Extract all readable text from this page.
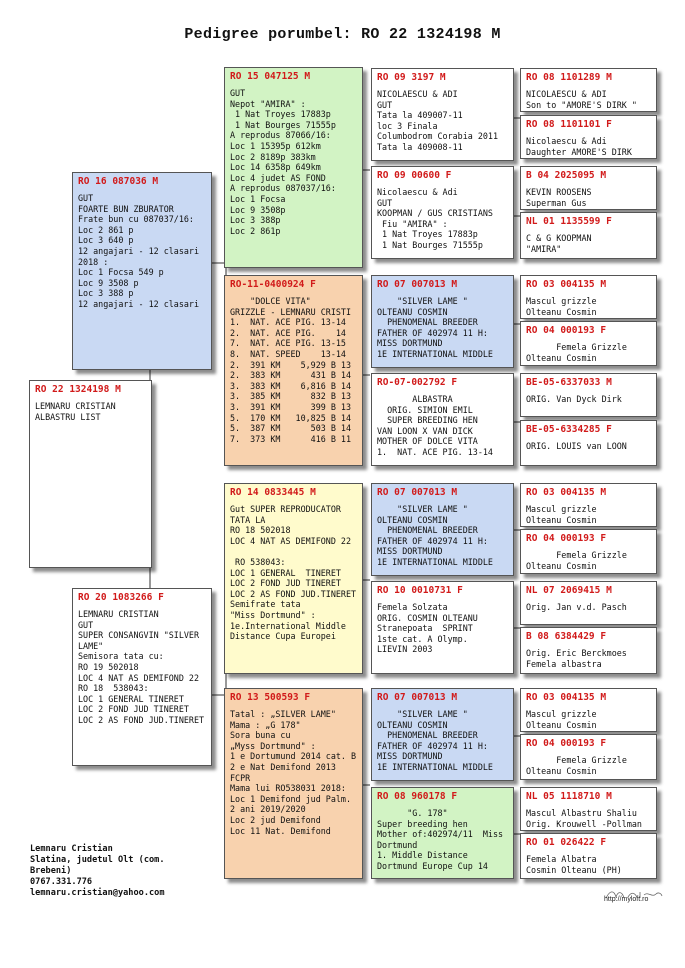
Pedigree porumbel: RO 22 1324198 M
RO 22 1324198 M
LEMNARU CRISTIAN
ALBASTRU LIST
RO 16 087036 M
GUT
FOARTE BUN ZBURATOR
Frate bun cu 087037/16:
Loc 2 861 p
Loc 3 640 p
12 angajari - 12 clasari
2018 :
Loc 1 Focsa 549 p
Loc 9 3508 p
Loc 3 388 p
12 angajari - 12 clasari
RO 20 1083266 F
LEMNARU CRISTIAN
GUT
SUPER CONSANGVIN "SILVER LAME"
Semisora tata cu:
RO 19 502018
LOC 4 NAT AS DEMIFOND 22
RO 18  538043:
LOC 1 GENERAL TINERET
LOC 2 FOND JUD TINERET
LOC 2 AS FOND JUD.TINERET
RO 15 047125 M
GUT
Nepot "AMIRA" :
1 Nat Troyes 17883p
1 Nat Bourges 71555p
A reprodus 87066/16:
Loc 1 15395p 612km
Loc 2 8189p 383km
Loc 14 6358p 649km
Loc 4 judet AS FOND
A reprodus 087037/16:
Loc 1 Focsa
Loc 9 3508p
Loc 3 388p
Loc 2 861p
RO-11-0400924 F
"DOLCE VITA"
GRIZZLE - LEMNARU CRISTI
1.  NAT. ACE PIG. 13-14
2.  NAT. ACE PIG.    14
7.  NAT. ACE PIG. 13-15
8.  NAT. SPEED    13-14
2.  391 KM    5,929 B 13
2.  383 KM      431 B 14
3.  383 KM    6,816 B 14
3.  385 KM      832 B 13
3.  391 KM      399 B 13
5.  170 KM   10,825 B 14
5.  387 KM      503 B 14
7.  373 KM      416 B 11
RO 14 0833445 M
Gut SUPER REPRODUCATOR
TATA LA
RO 18 502018
LOC 4 NAT AS DEMIFOND 22

RO 538043:
LOC 1 GENERAL  TINERET
LOC 2 FOND JUD TINERET
LOC 2 AS FOND JUD.TINERET
Semifrate tata
"Miss Dortmund" :
1e.International Middle
Distance Cupa Europei
RO 13 500593 F
Tatal : „SILVER LAME"
Mama : „G 178"
Sora buna cu
„Myss Dortmund" :
1 e Dortumund 2014 cat. B
2 e Nat Demifond 2013 FCPR
Mama lui RO538031 2018:
Loc 1 Demifond jud Palm.
2 ani 2019/2020
Loc 2 jud Demifond
Loc 11 Nat. Demifond
RO 09 3197 M
NICOLAESCU & ADI
GUT
Tata la 409007-11
loc 3 Finala
Columbodrom Corabia 2011
Tata la 409008-11
RO 09 00600 F
Nicolaescu & Adi
GUT
KOOPMAN / GUS CRISTIANS
Fiu "AMIRA" :
1 Nat Troyes 17883p
1 Nat Bourges 71555p
RO 07 007013 M
"SILVER LAME "
OLTEANU COSMIN
PHENOMENAL BREEDER
FATHER OF 402974 11 H:
MISS DORTMUND
1E INTERNATIONAL MIDDLE
RO-07-002792 F
ALBASTRA
ORIG. SIMION EMIL
SUPER BREEDING HEN
VAN LOON X VAN DICK
MOTHER OF DOLCE VITA
1.  NAT. ACE PIG. 13-14
RO 07 007013 M
"SILVER LAME "
OLTEANU COSMIN
PHENOMENAL BREEDER
FATHER OF 402974 11 H:
MISS DORTMUND
1E INTERNATIONAL MIDDLE
RO 10 0010731 F
Femela Solzata
ORIG. COSMIN OLTEANU
Stranepoata  SPRINT
1ste cat. A Olymp.
LIEVIN 2003
RO 07 007013 M
"SILVER LAME "
OLTEANU COSMIN
PHENOMENAL BREEDER
FATHER OF 402974 11 H:
MISS DORTMUND
1E INTERNATIONAL MIDDLE
RO 08 960178 F
"G. 178"
Super breeding hen
Mother of:402974/11  Miss Dortmund
1. Middle Distance
Dortmund Europe Cup 14
RO 08 1101289 M
NICOLAESCU & ADI
Son to "AMORE'S DIRK "
RO 08 1101101 F
Nicolaescu & Adi
Daughter AMORE'S DIRK
B 04 2025095 M
KEVIN ROOSENS
Superman Gus
NL 01 1135599 F
C & G KOOPMAN
"AMIRA"
RO 03 004135 M
Mascul grizzle
Olteanu Cosmin
RO 04 000193 F
Femela Grizzle
Olteanu Cosmin
BE-05-6337033 M
ORIG. Van Dyck Dirk
BE-05-6334285 F
ORIG. LOUIS van LOON
RO 03 004135 M
Mascul grizzle
Olteanu Cosmin
RO 04 000193 F
Femela Grizzle
Olteanu Cosmin
NL 07 2069415 M
Orig. Jan v.d. Pasch
B 08 6384429 F
Orig. Eric Berckmoes
Femela albastra
RO 03 004135 M
Mascul grizzle
Olteanu Cosmin
RO 04 000193 F
Femela Grizzle
Olteanu Cosmin
NL 05 1118710 M
Mascul Albastru Shaliu
Orig. Krouwell -Pollman
RO 01 026422 F
Femela Albatra
Cosmin Olteanu (PH)
Lemnaru Cristian
Slatina, judetul Olt (com.
Brebeni)
0767.331.776
lemnaru.cristian@yahoo.com
http://myloft.ro
